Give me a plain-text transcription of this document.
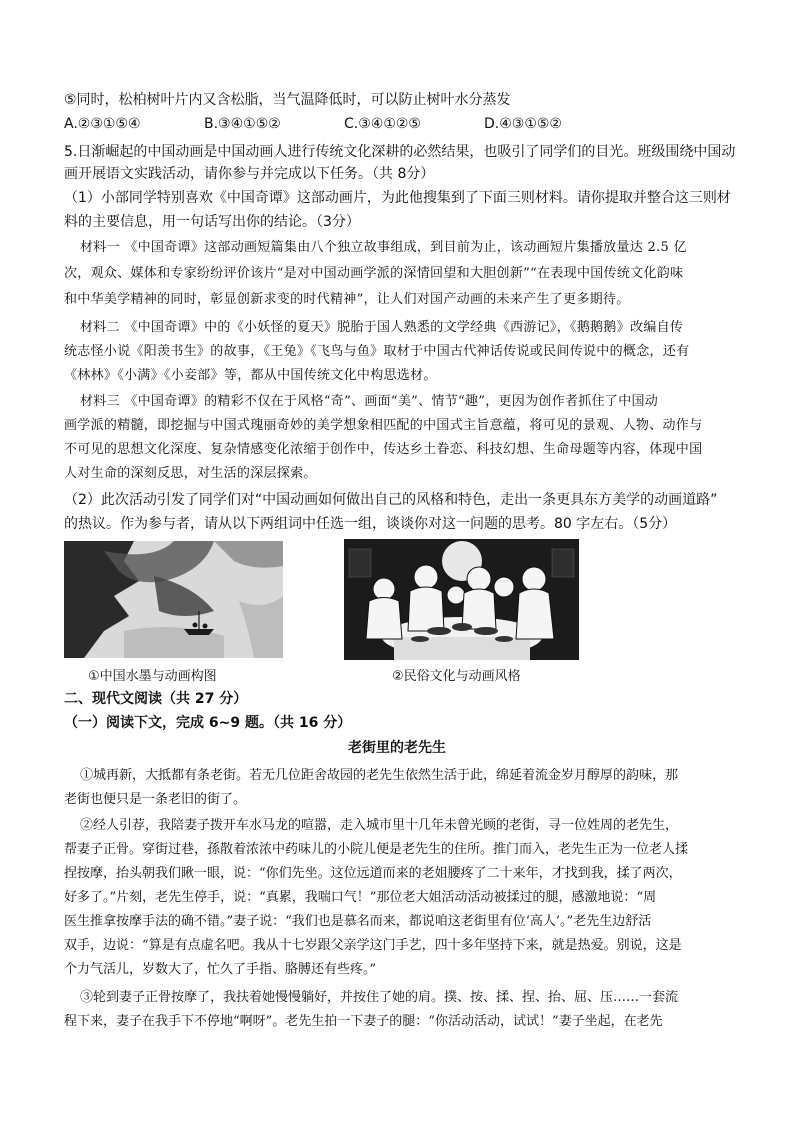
⑤同时，松柏树叶片内又含松脂，当气温降低时，可以防止树叶水分蒸发
A.②③①⑤④	B.③④①⑤②	C.③④①②⑤	D.④③①⑤②
5.日渐崛起的中国动画是中国动画人进行传统文化深耕的必然结果，也吸引了同学们的目光。班级围绕中国动
画开展语文实践活动，请你参与并完成以下任务。（共 8分）
（1）小部同学特别喜欢《中国奇谭》这部动画片，为此他搜集到了下面三则材料。请你提取并整合这三则材
料的主要信息，用一句话写出你的结论。（3分）
材料一 《中国奇谭》这部动画短篇集由八个独立故事组成，到目前为止，该动画短片集播放量达 2.5 亿
次，观众、媒体和专家纷纷评价该片“是对中国动画学派的深情回望和大胆创新”“在表现中国传统文化韵味
和中华美学精神的同时，彰显创新求变的时代精神”，让人们对国产动画的未来产生了更多期待。
材料二 《中国奇谭》中的《小妖怪的夏天》脱胎于国人熟悉的文学经典《西游记》，《鹅鹅鹅》改编自传
统志怪小说《阳羡书生》的故事，《王兔》《飞鸟与鱼》取材于中国古代神话传说或民间传说中的概念，还有
《林林》《小满》《小妾部》等，都从中国传统文化中构思选材。
材料三 《中国奇谭》的精彩不仅在于风格“奇”、画面“美”、情节“趣”，更因为创作者抓住了中国动
画学派的精髓，即挖掘与中国式瑰丽奇妙的美学想象相匹配的中国式主旨意蕴，将可见的景观、人物、动作与
不可见的思想文化深度、复杂情感变化浓缩于创作中，传达乡土眷恋、科技幻想、生命母题等内容，体现中国
人对生命的深刻反思，对生活的深层探索。
（2）此次活动引发了同学们对“中国动画如何做出自己的风格和特色，走出一条更具东方美学的动画道路”
的热议。作为参与者，请从以下两组词中任选一组，谈谈你对这一问题的思考。80 字左右。（5分）
①中国水墨与动画构图	②民俗文化与动画风格
二、现代文阅读（共 27 分）
（一）阅读下文，完成 6~9 题。（共 16 分）
老街里的老先生
①城再新，大抵都有条老街。若无几位距舍故园的老先生依然生活于此，绵延着流金岁月醇厚的韵味，那
老街也便只是一条老旧的街了。
②经人引荐，我陪妻子拨开车水马龙的喧嚣，走入城市里十几年未曾光顾的老街，寻一位姓周的老先生，
帮妻子正骨。穿街过巷，孫散着浓浓中药味儿的小院儿便是老先生的住所。推门而入，老先生正为一位老人揉
捏按摩，抬头朝我们瞅一眼，说：“你们先坐。这位远道而来的老姐腰疼了二十来年，才找到我，揉了两次，
好多了。”片刻，老先生停手，说：“真累，我喘口气！”那位老大姐活动活动被揉过的腿，感激地说：“周
医生推拿按摩手法的确不错。”妻子说：“我们也是慕名而来，都说咱这老街里有位‘高人’。”老先生边舒活
双手，边说：“算是有点虚名吧。我从十七岁跟父亲学这门手艺，四十多年坚持下来，就是热爱。别说，这是
个力气活儿，岁数大了，忙久了手指、胳膊还有些疼。”
③轮到妻子正骨按摩了，我扶着她慢慢躺好，并按住了她的肩。撲、按、揉、捏、抬、屈、压……一套流
程下来，妻子在我手下不停地“啊呀”。老先生拍一下妻子的腿：“你活动活动，试试！”妻子坐起，在老先
